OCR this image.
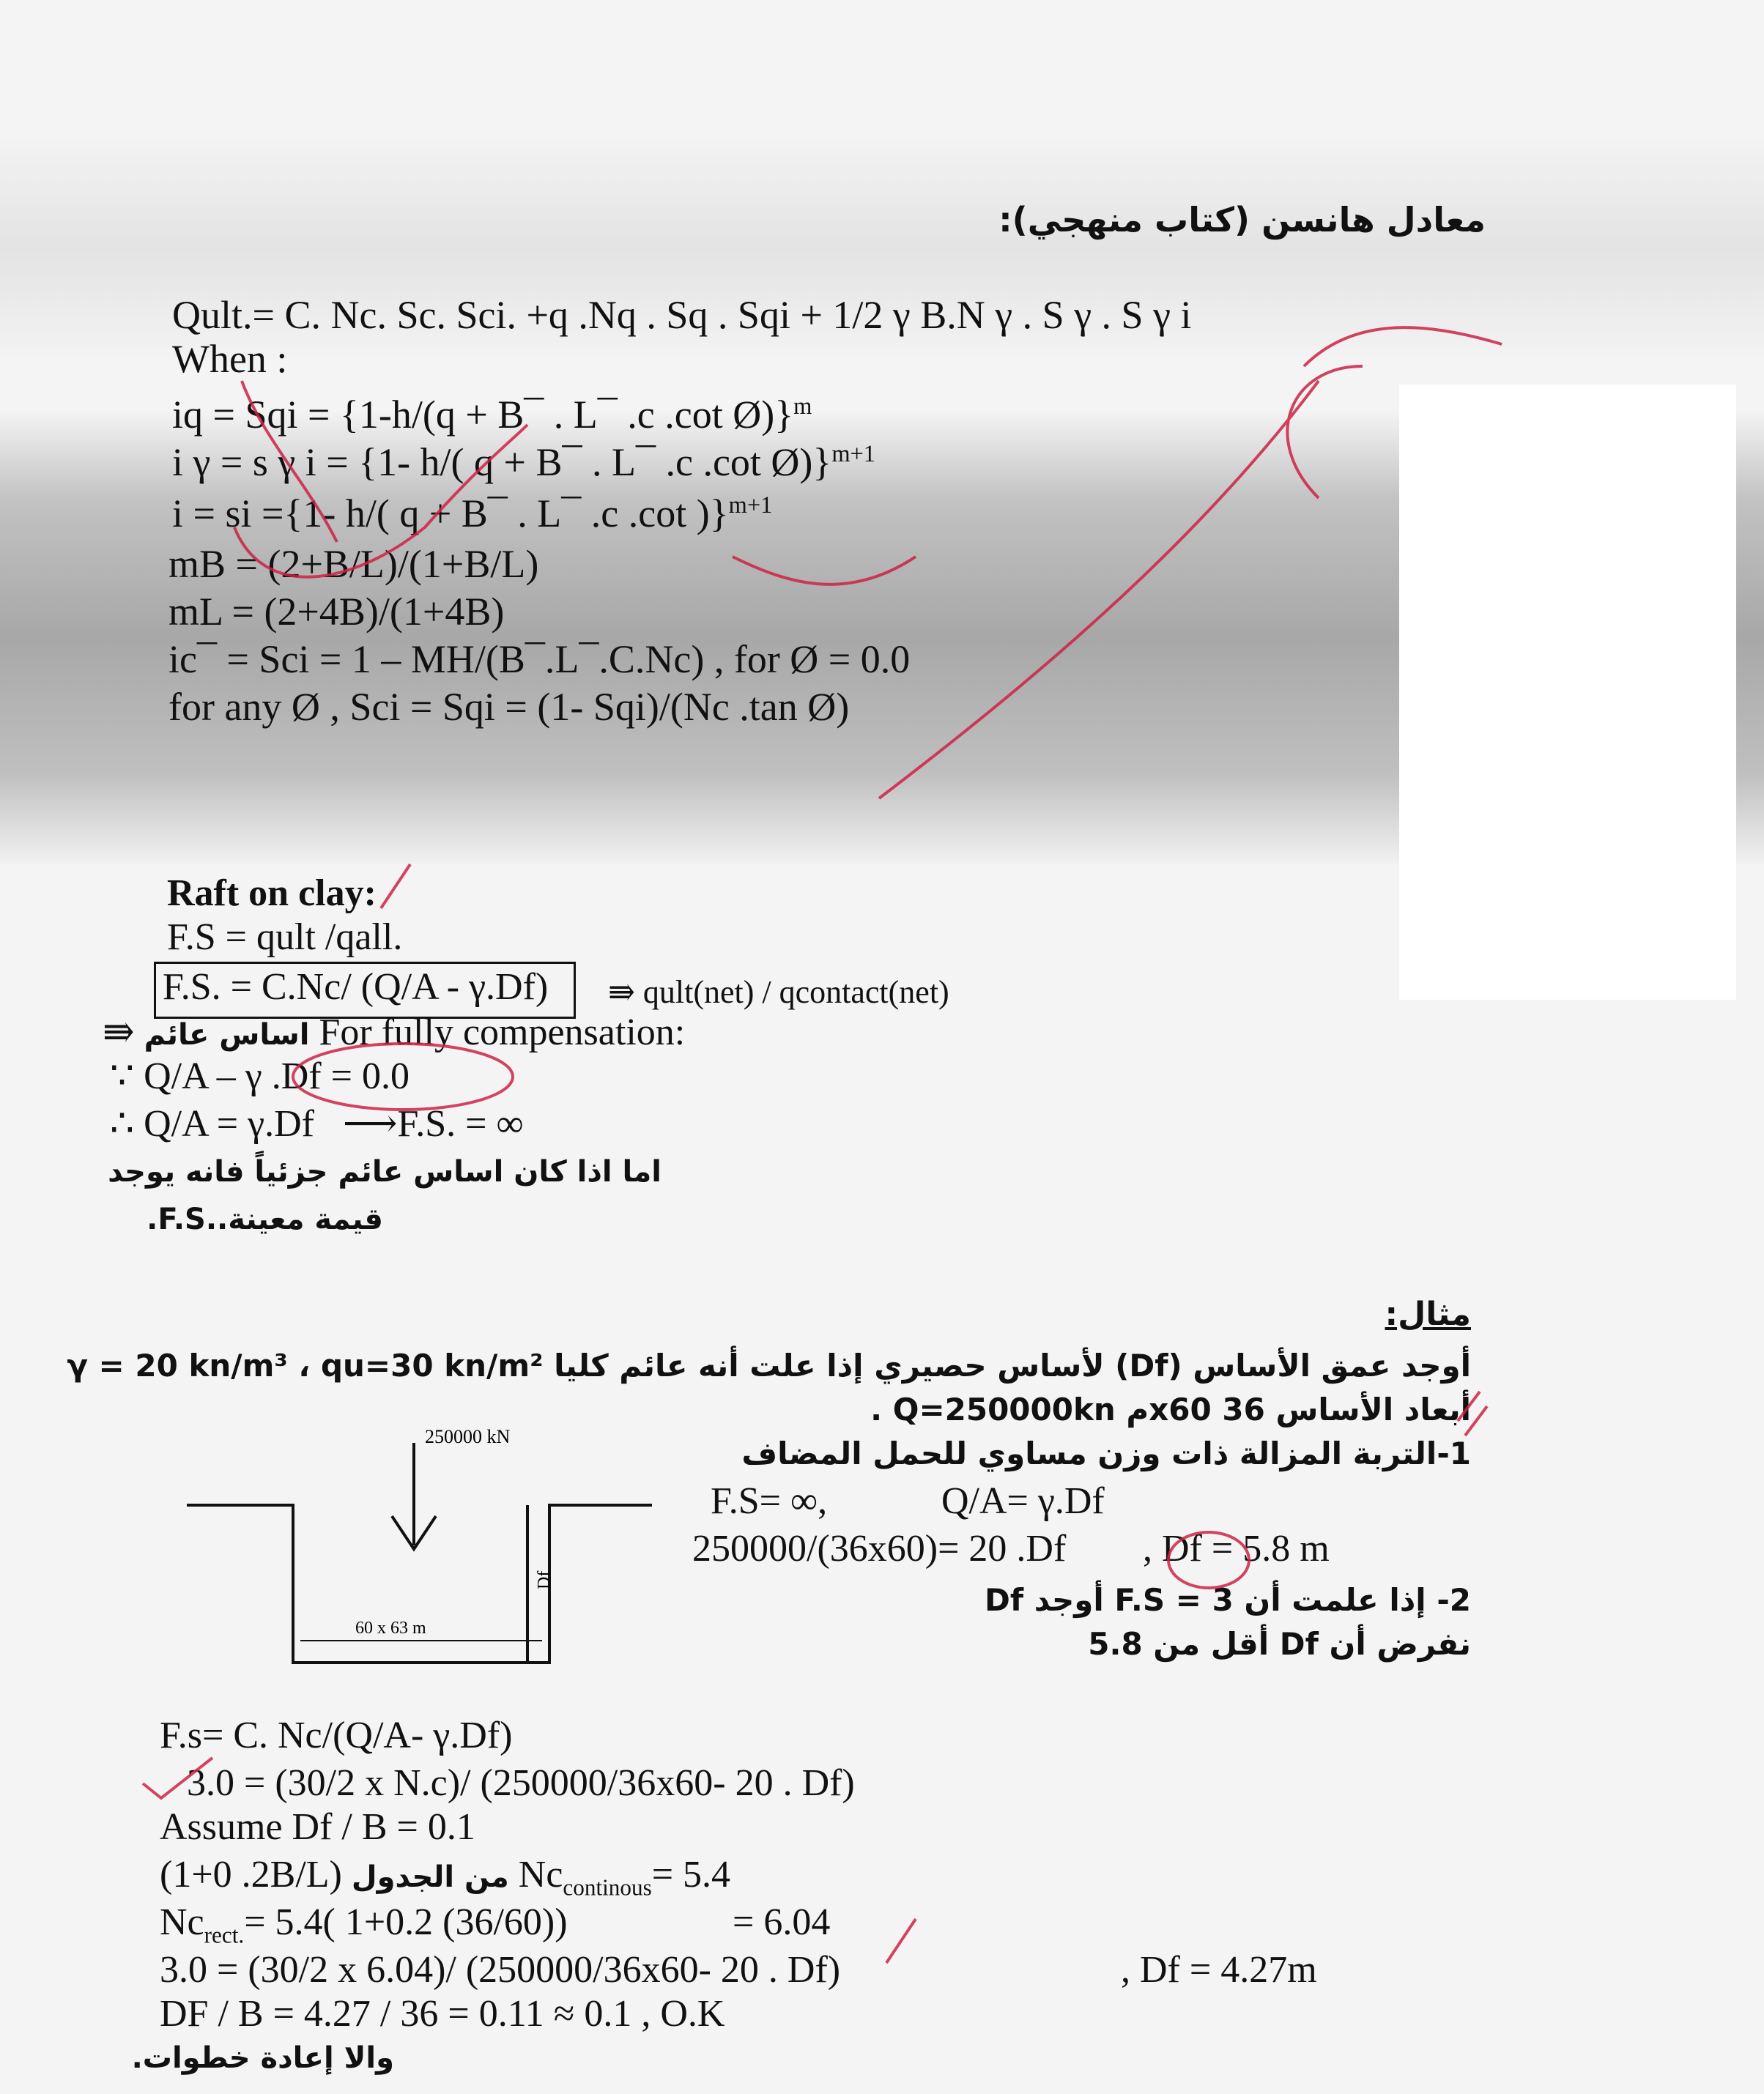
معادل هانسن (كتاب منهجي):
Qult.= C. Nc. Sc. Sci. +q .Nq . Sq . Sqi + 1/2 γ B.N γ . S γ . S γ i
When :
iq = Sqi = {1-h/(q + B¯ . L¯ .c .cot Ø)}$^m$
i γ = s γ i = {1- h/( q + B¯ . L¯ .c .cot Ø)}$^{m+1}$
i = si ={1- h/( q + B¯ . L¯ .c .cot )}$^{m+1}$
mB = (2+B/L)/(1+B/L)
mL = (2+4B)/(1+4B)
ic¯ = Sci = 1 – MH/(B¯.L¯.C.Nc) , for Ø = 0.0
for any Ø , Sci = Sqi = (1- Sqi)/(Nc .tan Ø)
Raft on clay:
F.S = qult /qall.
F.S. = C.Nc/ (Q/A - γ.Df) ⇛ qult(net) / qcontact(net)
⇛ اساس عائم For fully compensation:
∵ Q/A – γ .Df = 0.0
∴ Q/A = γ.Df   ⟶F.S. = ∞
اما اذا كان اساس عائم جزئياً فانه يوجد
قيمة معينة..F.S.
مثال:
أوجد عمق الأساس (Df) لأساس حصيري إذا علت أنه عائم كليا γ = 20 kn/m³ ، qu=30 kn/m²
أبعاد الأساس 36 x60م Q=250000kn .
1-التربة المزالة ذات وزن مساوي للحمل المضاف
F.S= ∞,	Q/A= γ.Df
250000/(36x60)= 20 .Df , Df = 5.8 m
2- إذا علمت أن F.S = 3 أوجد Df
نفرض أن Df أقل من 5.8
250000 kN
Df
60 x 63 m
F.s= C. Nc/(Q/A- γ.Df)
3.0 = (30/2 x N.c)/ (250000/36x60- 20 . Df)
Assume Df / B = 0.1
(1+0 .2B/L) من الجدول $Nc_{continous}= 5.4$
$Nc_{rect.}= 5.4$( 1+0.2 (36/60))	= 6.04
3.0 = (30/2 x 6.04)/ (250000/36x60- 20 . Df)	, Df = 4.27m
DF / B = 4.27 / 36 = 0.11 ≈ 0.1 , O.K
والا إعادة خطوات.
